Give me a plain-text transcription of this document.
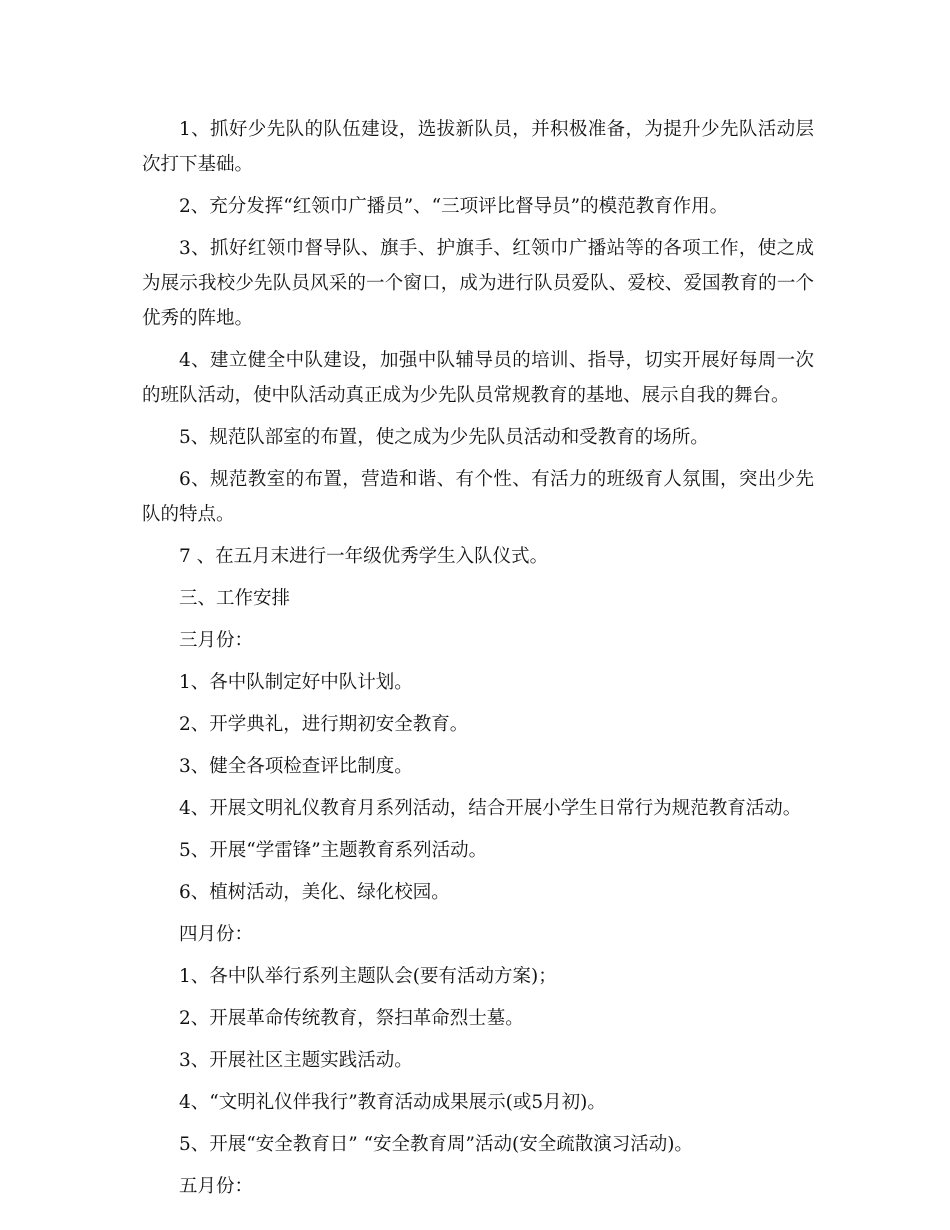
1、抓好少先队的队伍建设，选拔新队员，并积极准备，为提升少先队活动层次打下基础。

2、充分发挥“红领巾广播员”、“三项评比督导员”的模范教育作用。

3、抓好红领巾督导队、旗手、护旗手、红领巾广播站等的各项工作，使之成为展示我校少先队员风采的一个窗口，成为进行队员爱队、爱校、爱国教育的一个优秀的阵地。

4、建立健全中队建设，加强中队辅导员的培训、指导，切实开展好每周一次的班队活动，使中队活动真正成为少先队员常规教育的基地、展示自我的舞台。

5、规范队部室的布置，使之成为少先队员活动和受教育的场所。

6、规范教室的布置，营造和谐、有个性、有活力的班级育人氛围，突出少先队的特点。

7 、在五月末进行一年级优秀学生入队仪式。

三、工作安排

三月份：

1、各中队制定好中队计划。

2、开学典礼，进行期初安全教育。

3、健全各项检查评比制度。

4、开展文明礼仪教育月系列活动，结合开展小学生日常行为规范教育活动。

5、开展“学雷锋”主题教育系列活动。

6、植树活动，美化、绿化校园。

四月份：

1、各中队举行系列主题队会(要有活动方案)；

2、开展革命传统教育，祭扫革命烈士墓。

3、开展社区主题实践活动。

4、“文明礼仪伴我行”教育活动成果展示(或5月初)。

5、开展“安全教育日” “安全教育周”活动(安全疏散演习活动)。

五月份：
